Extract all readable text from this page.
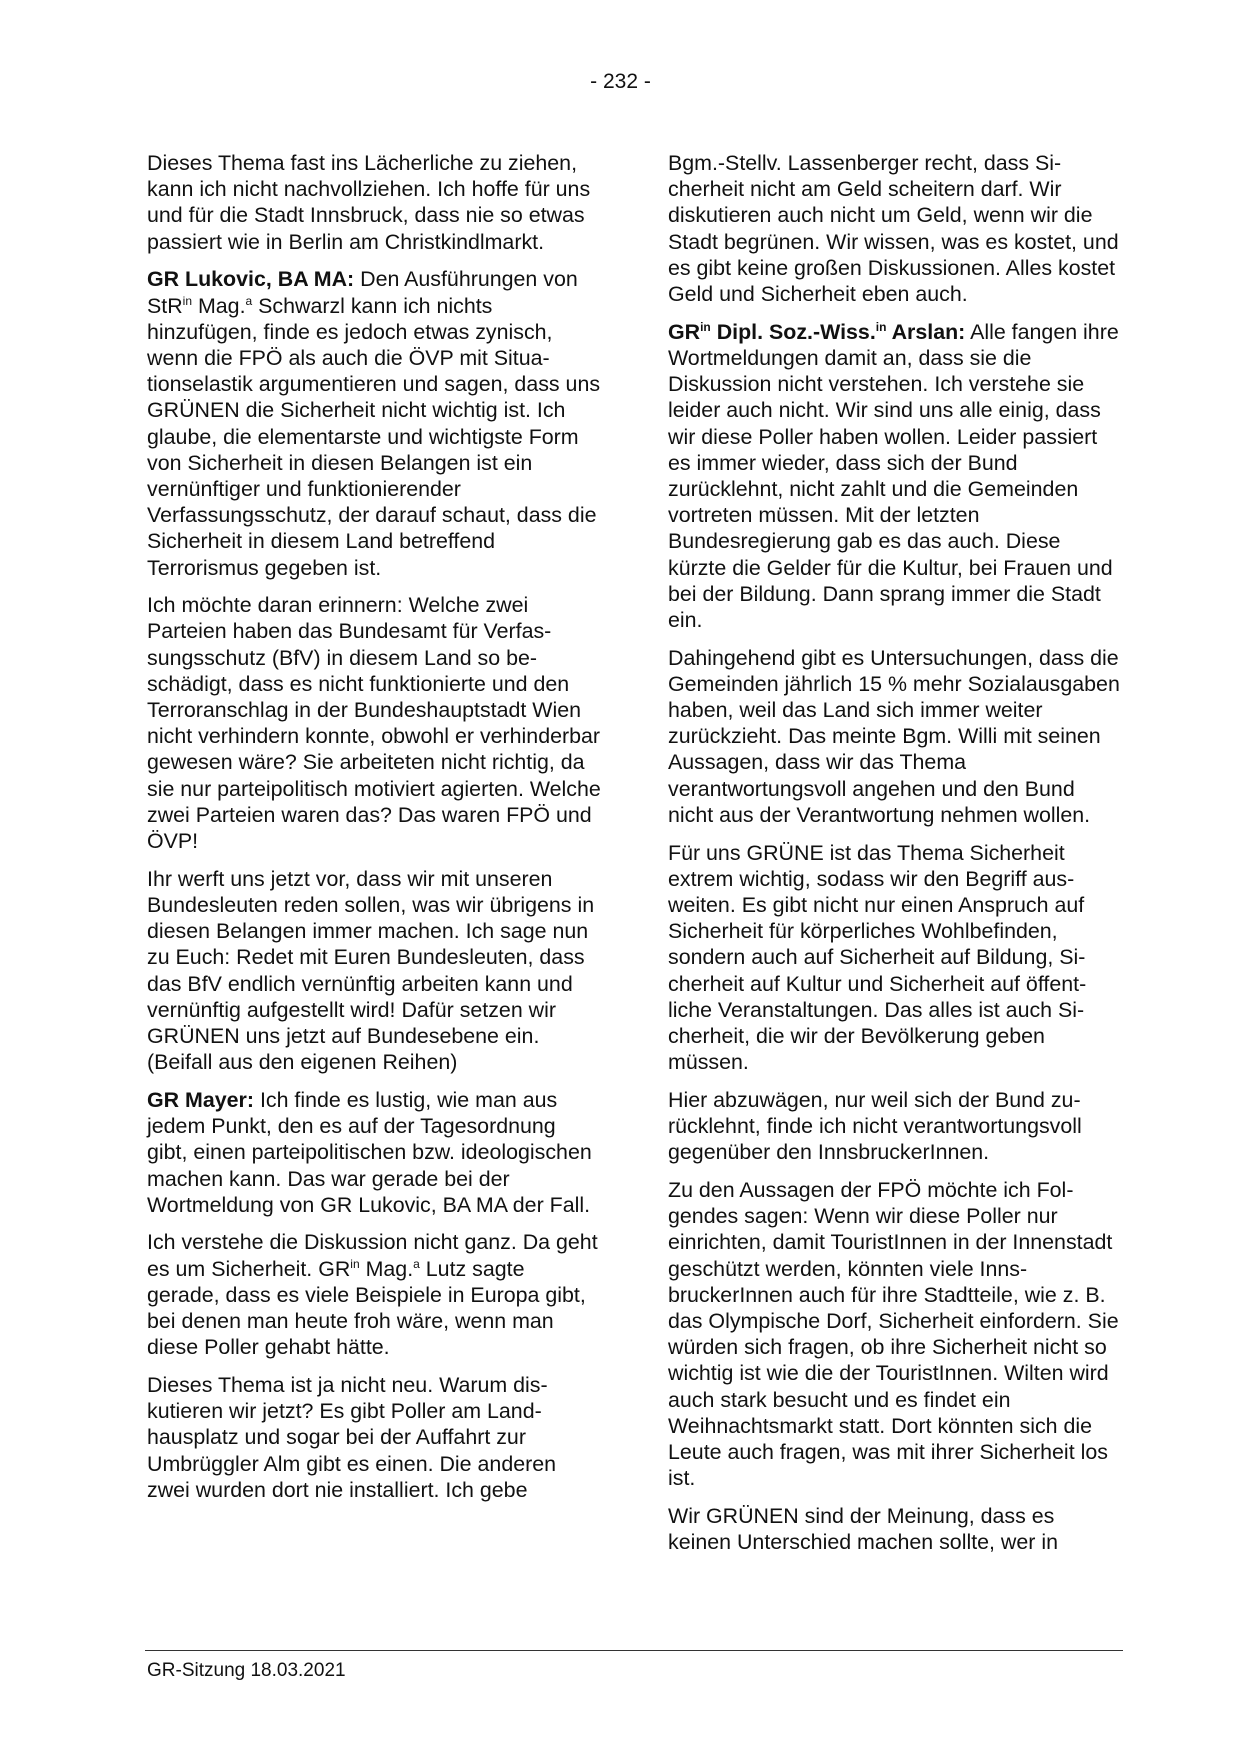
- 232 -

Dieses Thema fast ins Lächerliche zu ziehen, kann ich nicht nachvollziehen. Ich hoffe für uns und für die Stadt Innsbruck, dass nie so etwas passiert wie in Berlin am Christkindlmarkt.

GR Lukovic, BA MA: Den Ausführungen von StR$^{in}$ Mag.$^a$ Schwarzl kann ich nichts hinzufügen, finde es jedoch etwas zynisch, wenn die FPÖ als auch die ÖVP mit Situationselastik argumentieren und sagen, dass uns GRÜNEN die Sicherheit nicht wichtig ist. Ich glaube, die elementarste und wichtigste Form von Sicherheit in diesen Belangen ist ein vernünftiger und funktionierender Verfassungsschutz, der darauf schaut, dass die Sicherheit in diesem Land betreffend Terrorismus gegeben ist.

Ich möchte daran erinnern: Welche zwei Parteien haben das Bundesamt für Verfassungsschutz (BfV) in diesem Land so beschädigt, dass es nicht funktionierte und den Terroranschlag in der Bundeshauptstadt Wien nicht verhindern konnte, obwohl er verhinderbar gewesen wäre? Sie arbeiteten nicht richtig, da sie nur parteipolitisch motiviert agierten. Welche zwei Parteien waren das? Das waren FPÖ und ÖVP!

Ihr werft uns jetzt vor, dass wir mit unseren Bundesleuten reden sollen, was wir übrigens in diesen Belangen immer machen. Ich sage nun zu Euch: Redet mit Euren Bundesleuten, dass das BfV endlich vernünftig arbeiten kann und vernünftig aufgestellt wird! Dafür setzen wir GRÜNEN uns jetzt auf Bundesebene ein. (Beifall aus den eigenen Reihen)

GR Mayer: Ich finde es lustig, wie man aus jedem Punkt, den es auf der Tagesordnung gibt, einen parteipolitischen bzw. ideologischen machen kann. Das war gerade bei der Wortmeldung von GR Lukovic, BA MA der Fall.

Ich verstehe die Diskussion nicht ganz. Da geht es um Sicherheit. $GR^{in}$ Mag.$^a$ Lutz sagte gerade, dass es viele Beispiele in Europa gibt, bei denen man heute froh wäre, wenn man diese Poller gehabt hätte.

Dieses Thema ist ja nicht neu. Warum diskutieren wir jetzt? Es gibt Poller am Landhausplatz und sogar bei der Auffahrt zur Umbrüggler Alm gibt es einen. Die anderen zwei wurden dort nie installiert. Ich gebe

Bgm.-Stellv. Lassenberger recht, dass Sicherheit nicht am Geld scheitern darf. Wir diskutieren auch nicht um Geld, wenn wir die Stadt begrünen. Wir wissen, was es kostet, und es gibt keine großen Diskussionen. Alles kostet Geld und Sicherheit eben auch.

$GR^{in}$ Dipl. Soz.-Wiss.$^{in}$ Arslan: Alle fangen ihre Wortmeldungen damit an, dass sie die Diskussion nicht verstehen. Ich verstehe sie leider auch nicht. Wir sind uns alle einig, dass wir diese Poller haben wollen. Leider passiert es immer wieder, dass sich der Bund zurücklehnt, nicht zahlt und die Gemeinden vortreten müssen. Mit der letzten Bundesregierung gab es das auch. Diese kürzte die Gelder für die Kultur, bei Frauen und bei der Bildung. Dann sprang immer die Stadt ein.

Dahingehend gibt es Untersuchungen, dass die Gemeinden jährlich 15 % mehr Sozialausgaben haben, weil das Land sich immer weiter zurückzieht. Das meinte Bgm. Willi mit seinen Aussagen, dass wir das Thema verantwortungsvoll angehen und den Bund nicht aus der Verantwortung nehmen wollen.

Für uns GRÜNE ist das Thema Sicherheit extrem wichtig, sodass wir den Begriff ausweiten. Es gibt nicht nur einen Anspruch auf Sicherheit für körperliches Wohlbefinden, sondern auch auf Sicherheit auf Bildung, Sicherheit auf Kultur und Sicherheit auf öffentliche Veranstaltungen. Das alles ist auch Sicherheit, die wir der Bevölkerung geben müssen.

Hier abzuwägen, nur weil sich der Bund zurücklehnt, finde ich nicht verantwortungsvoll gegenüber den InnsbruckerInnen.

Zu den Aussagen der FPÖ möchte ich Folgendes sagen: Wenn wir diese Poller nur einrichten, damit TouristInnen in der Innenstadt geschützt werden, könnten viele InnsbruckerInnen auch für ihre Stadtteile, wie z. B. das Olympische Dorf, Sicherheit einfordern. Sie würden sich fragen, ob ihre Sicherheit nicht so wichtig ist wie die der TouristInnen. Wilten wird auch stark besucht und es findet ein Weihnachtsmarkt statt. Dort könnten sich die Leute auch fragen, was mit ihrer Sicherheit los ist.

Wir GRÜNEN sind der Meinung, dass es keinen Unterschied machen sollte, wer in

GR-Sitzung 18.03.2021
